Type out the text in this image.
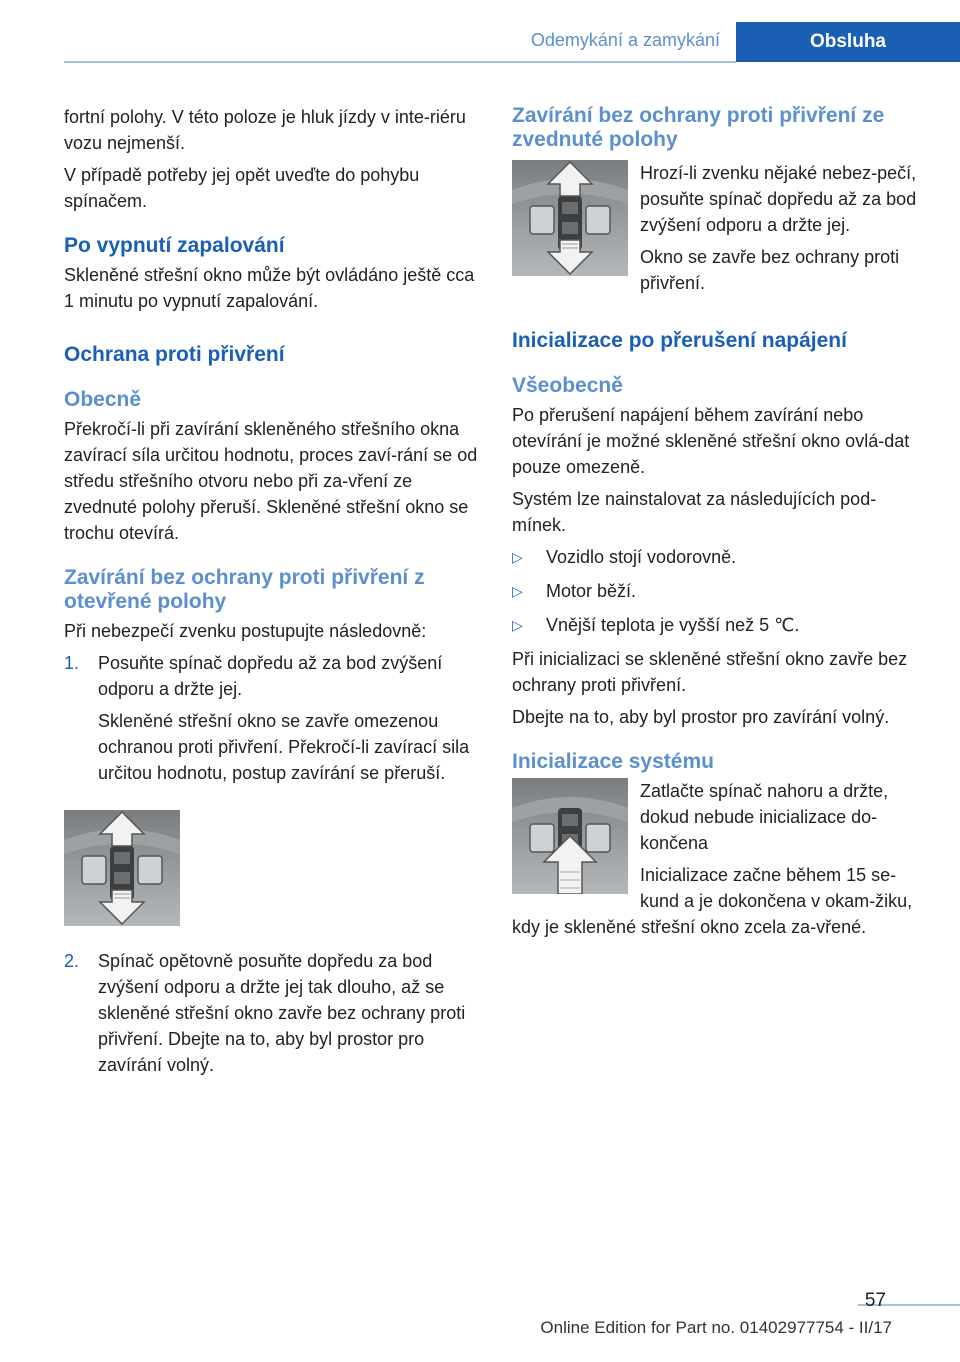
Odemykání a zamykání	Obsluha

fortní polohy. V této poloze je hluk jízdy v inte‐riéru vozu nejmenší.

V případě potřeby jej opět uveďte do pohybu spínačem.

Po vypnutí zapalování

Skleněné střešní okno může být ovládáno ještě cca 1 minutu po vypnutí zapalování.

Ochrana proti přivření
Obecně

Překročí-li při zavírání skleněného střešního okna zavírací síla určitou hodnotu, proces zaví‐rání se od středu střešního otvoru nebo při za‐vření ze zvednuté polohy přeruší. Skleněné střešní okno se trochu otevírá.

Zavírání bez ochrany proti přivření z otevřené polohy

Při nebezpečí zvenku postupujte následovně:

1.	Posuňte spínač dopředu až za bod zvýšení odporu a držte jej.

Skleněné střešní okno se zavře omezenou ochranou proti přivření. Překročí-li zavírací sila určitou hodnotu, postup zavírání se přeruší.

2.	Spínač opětovně posuňte dopředu za bod zvýšení odporu a držte jej tak dlouho, až se skleněné střešní okno zavře bez ochrany proti přivření. Dbejte na to, aby byl prostor pro zavírání volný.

Zavírání bez ochrany proti přivření ze zvednuté polohy

Hrozí-li zvenku nějaké nebez‐pečí, posuňte spínač dopředu až za bod zvýšení odporu a držte jej.

Okno se zavře bez ochrany proti přivření.

Inicializace po přerušení napájení
Všeobecně

Po přerušení napájení během zavírání nebo otevírání je možné skleněné střešní okno ovlá‐dat pouze omezeně.

Systém lze nainstalovat za následujících pod‐mínek.

▷	Vozidlo stojí vodorovně.
▷	Motor běží.
▷	Vnější teplota je vyšší než 5 ℃.

Při inicializaci se skleněné střešní okno zavře bez ochrany proti přivření.

Dbejte na to, aby byl prostor pro zavírání volný.

Inicializace systému

Zatlačte spínač nahoru a držte, dokud nebude inicializace do‐končena

Inicializace začne během 15 se‐kund a je dokončena v okam‐žiku, kdy je skleněné střešní okno zcela za‐vřené.

Online Edition for Part no. 01402977754 - II/17
57
